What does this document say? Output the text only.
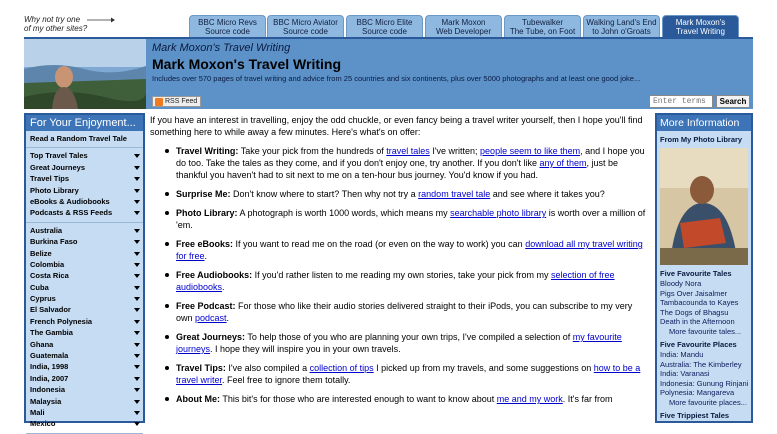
Why not try one
of my other sites?
BBC Micro Revs
Source code
BBC Micro Aviator
Source code
BBC Micro Elite
Source code
Mark Moxon
Web Developer
Tubewalker
The Tube, on Foot
Walking Land's End
to John o'Groats
Mark Moxon's
Travel Writing
Mark Moxon's Travel Writing
Mark Moxon's Travel Writing
Includes over 570 pages of travel writing and advice from 25 countries and six continents, plus over 5000 photographs and at least one good joke...
RSS Feed
Enter terms	Search
For Your Enjoyment...
Read a Random Travel Tale
Top Travel Tales
Great Journeys
Travel Tips
Photo Library
eBooks & Audiobooks
Podcasts & RSS Feeds
Australia
Burkina Faso
Belize
Colombia
Costa Rica
Cuba
Cyprus
El Salvador
French Polynesia
The Gambia
Ghana
Guatemala
India, 1998
India, 2007
Indonesia
Malaysia
Mali
Mexico

If you have an interest in travelling, enjoy the odd chuckle, or even fancy being a travel writer yourself, then I hope you'll find something here to while away a few minutes. Here's what's on offer:

Travel Writing: Take your pick from the hundreds of travel tales I've written; people seem to like them, and I hope you do too. Take the tales as they come, and if you don't enjoy one, try another. If you don't like any of them, just be thankful you haven't had to sit next to me on a ten-hour bus journey. You'd know if you had.
Surprise Me: Don't know where to start? Then why not try a random travel tale and see where it takes you?
Photo Library: A photograph is worth 1000 words, which means my searchable photo library is worth over a million of 'em.
Free eBooks: If you want to read me on the road (or even on the way to work) you can download all my travel writing for free.
Free Audiobooks: If you'd rather listen to me reading my own stories, take your pick from my selection of free audiobooks.
Free Podcast: For those who like their audio stories delivered straight to their iPods, you can subscribe to my very own podcast.
Great Journeys: To help those of you who are planning your own trips, I've compiled a selection of my favourite journeys. I hope they will inspire you in your own travels.
Travel Tips: I've also compiled a collection of tips I picked up from my travels, and some suggestions on how to be a travel writer. Feel free to ignore them totally.
About Me: This bit's for those who are interested enough to want to know about me and my work. It's far from
More Information
From My Photo Library
Five Favourite Tales
Bloody Nora
Pigs Over Jaisalmer
Tambacounda to Kayes
The Dogs of Bhagsu
Death in the Afternoon
More favourite tales...
Five Favourite Places
India: Mandu
Australia: The Kimberley
India: Varanasi
Indonesia: Gunung Rinjani
Polynesia: Mangareva
More favourite places...
Five Trippiest Tales
